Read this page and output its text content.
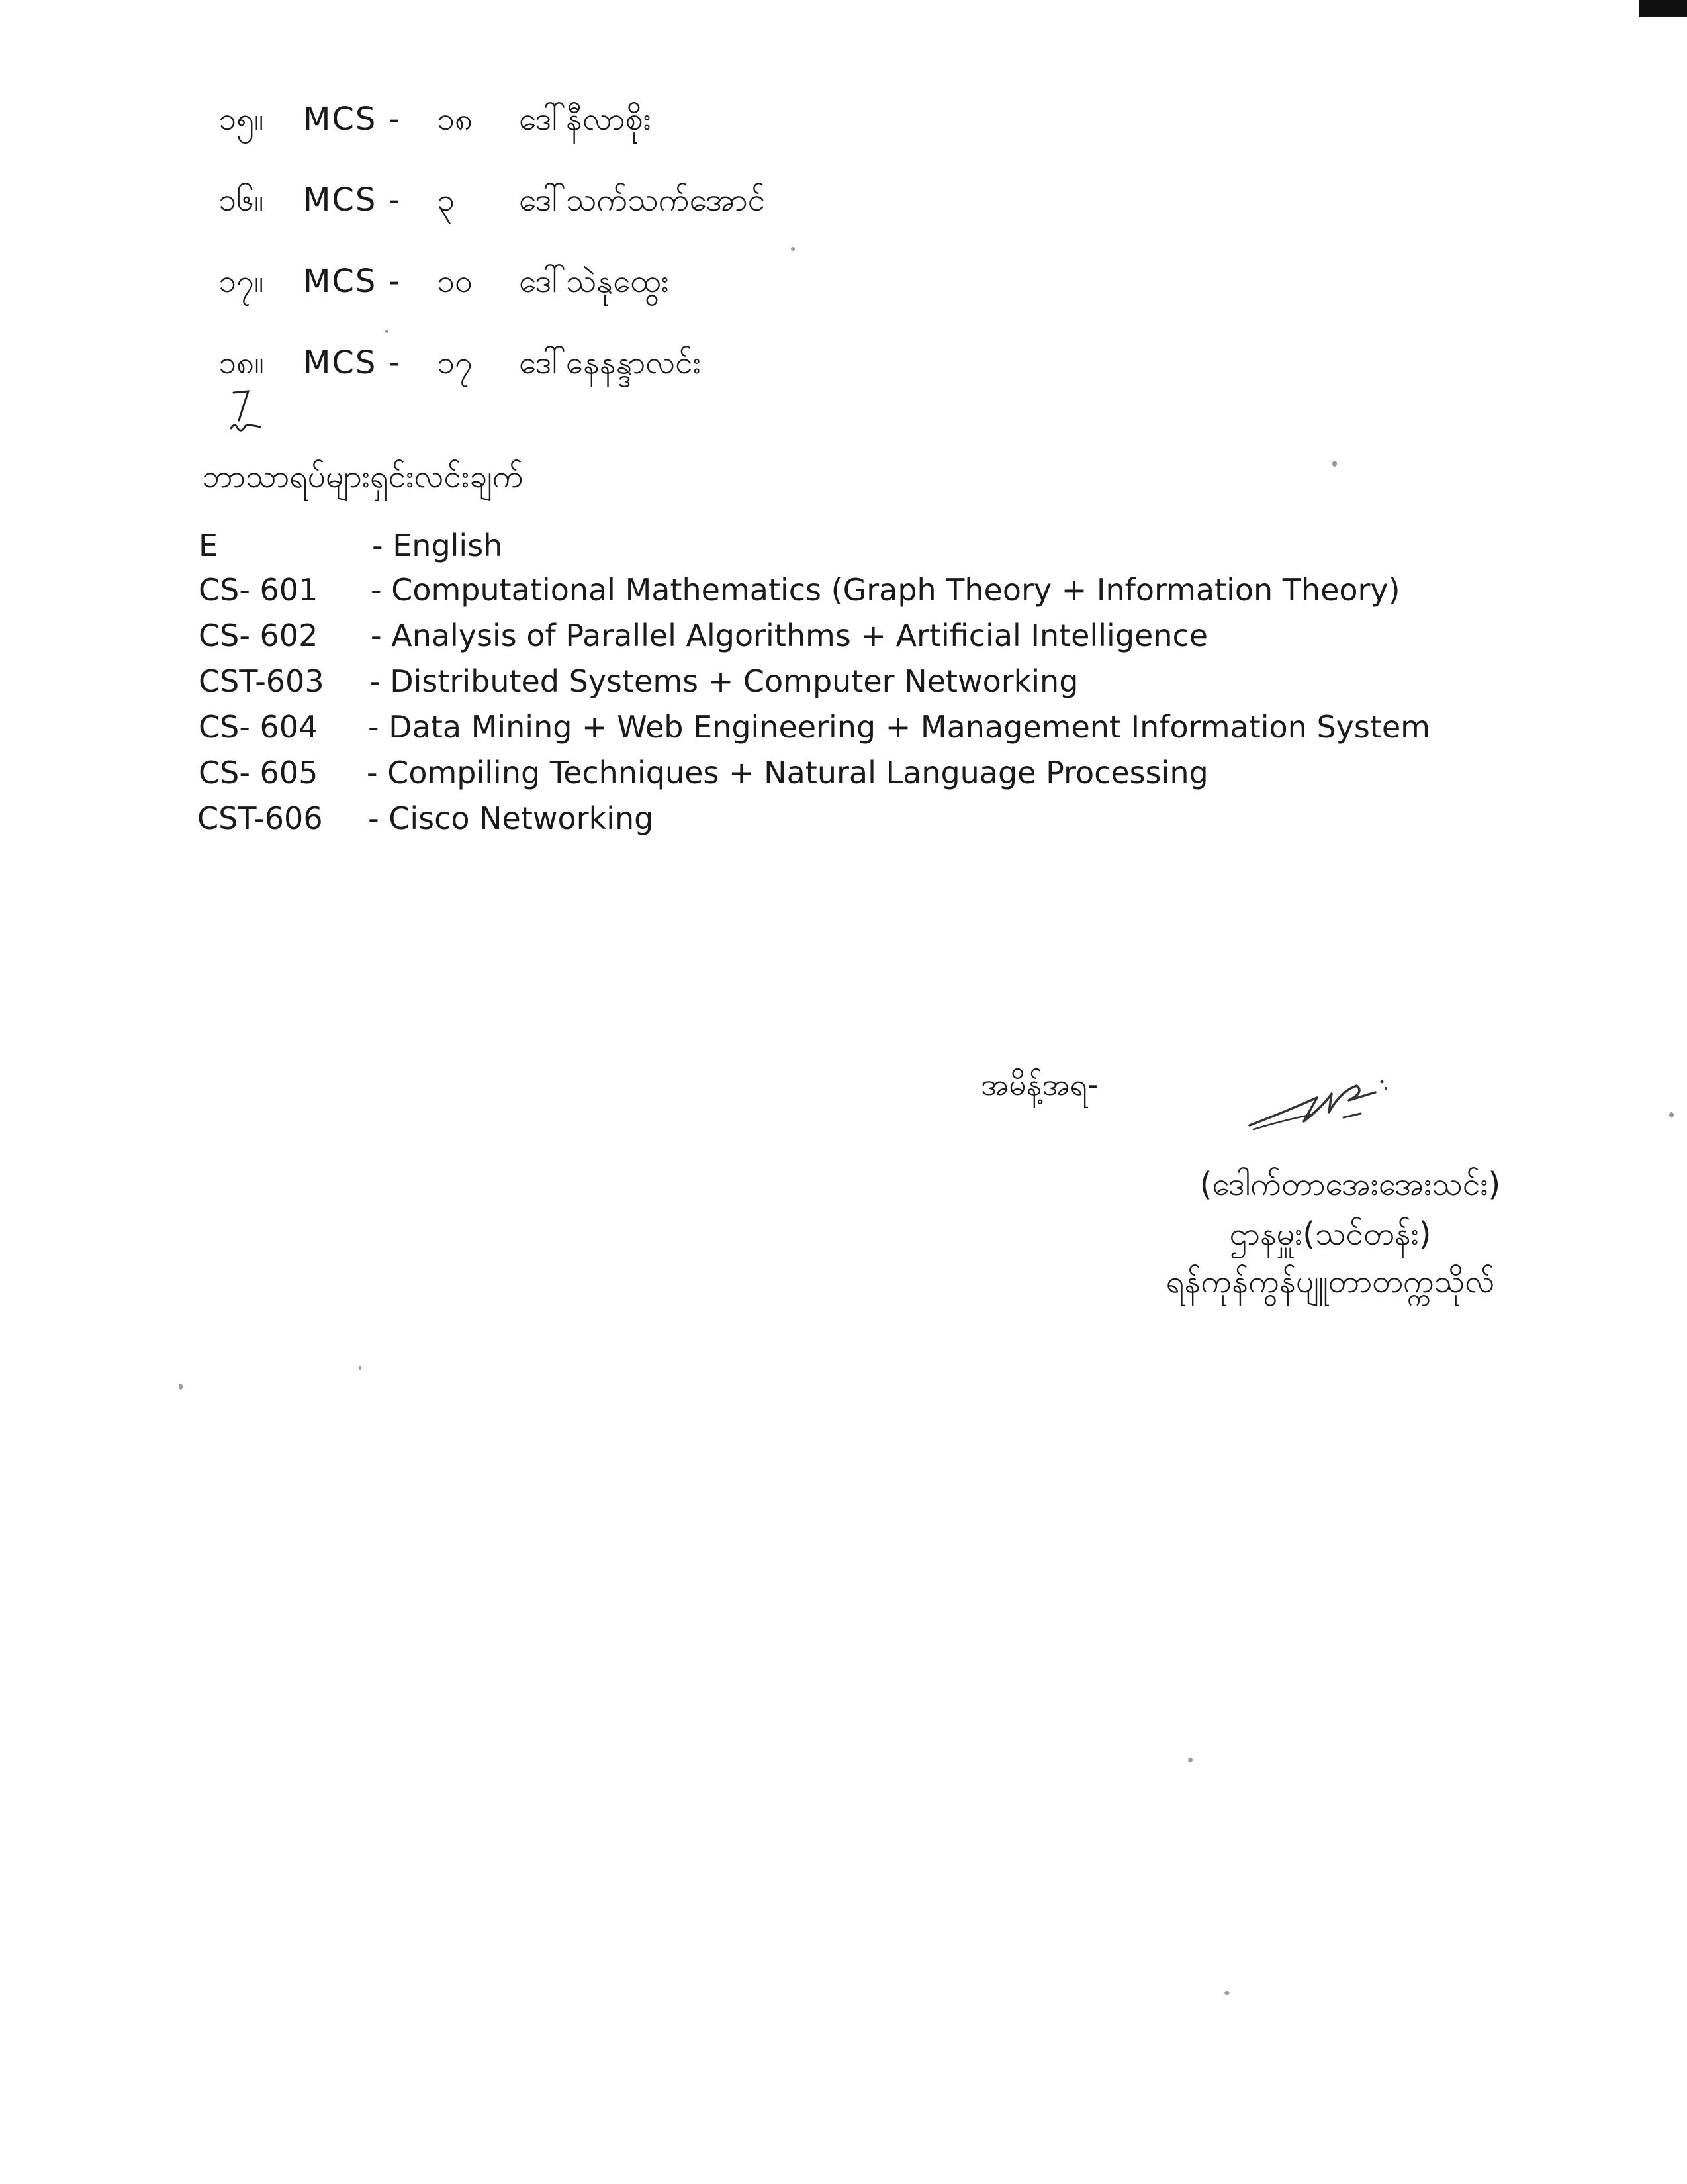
၁၅။ MCS - ၁၈ ဒေါ်နီလာစိုး
၁၆။ MCS - ၃ ဒေါ်သက်သက်အောင်
၁၇။ MCS - ၁၀ ဒေါ်သဲနုထွေး
၁၈။ MCS - ၁၇ ဒေါ်နေနန္ဒာလင်း
ဘာသာရပ်များရှင်းလင်းချက်
E	- English
CS- 601 - Computational Mathematics (Graph Theory + Information Theory)
CS- 602 - Analysis of Parallel Algorithms + Artificial Intelligence
CST-603 - Distributed Systems + Computer Networking
CS- 604 - Data Mining + Web Engineering + Management Information System
CS- 605 - Compiling Techniques + Natural Language Processing
CST-606 - Cisco Networking
အမိန့်အရ-
(ဒေါက်တာအေးအေးသင်း)
ဌာနမှူး(သင်တန်း)
ရန်ကုန်ကွန်ပျူတာတက္ကသိုလ်
